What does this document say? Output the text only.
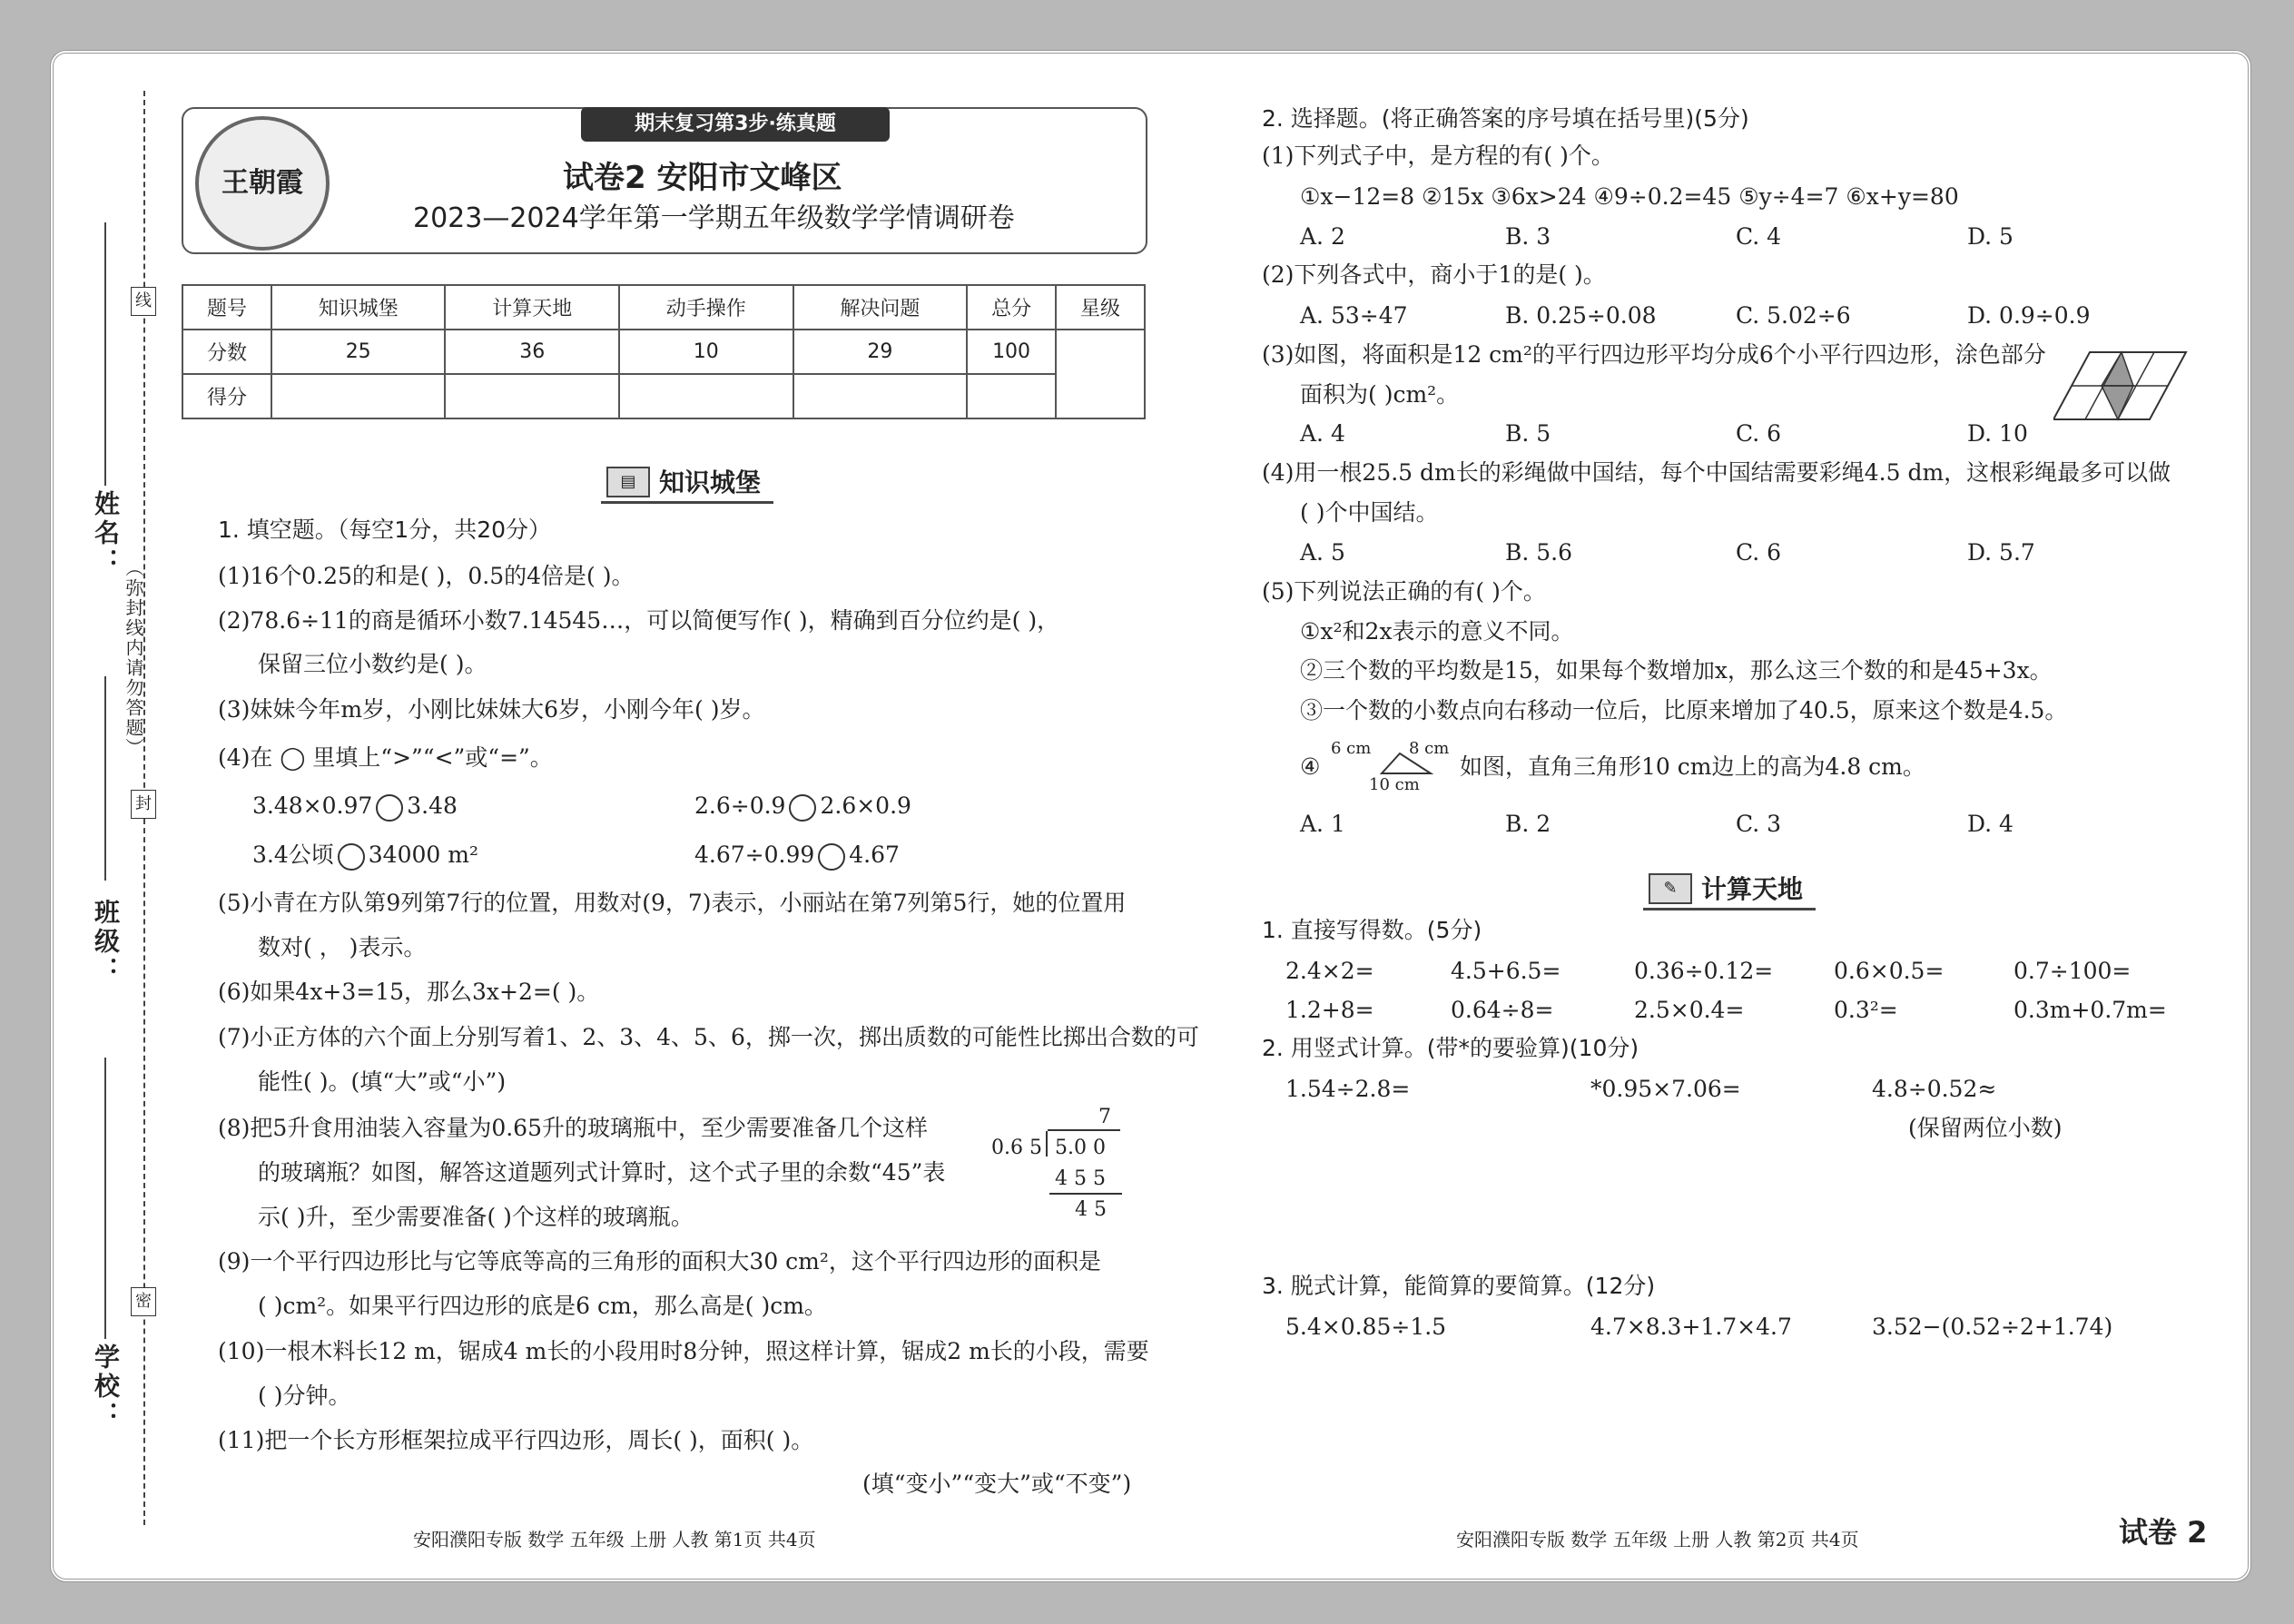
线
封
密
姓名：
班级：
学校：
（弥封线内请勿答题）
王朝霞
期末复习第3步·练真题
试卷2 安阳市文峰区
2023—2024学年第一学期五年级数学学情调研卷
题号	知识城堡	计算天地	动手操作	解决问题	总分	星级
分数	25	36	10	29	100	
得分						
▤ 知识城堡
1. 填空题。（每空1分，共20分）
(1)16个0.25的和是( )，0.5的4倍是( )。
(2)78.6÷11的商是循环小数7.14545…，可以简便写作( )，精确到百分位约是( )，
保留三位小数约是( )。
(3)妹妹今年m岁，小刚比妹妹大6岁，小刚今年( )岁。
(4)在 ◯ 里填上“>”“<”或“=”。
3.48×0.97 3.48	2.6÷0.9 2.6×0.9
3.4公顷 34000 m²	4.67÷0.99 4.67
(5)小青在方队第9列第7行的位置，用数对(9，7)表示，小丽站在第7列第5行，她的位置用
数对( ， )表示。
(6)如果4x+3=15，那么3x+2=( )。
(7)小正方体的六个面上分别写着1、2、3、4、5、6，掷一次，掷出质数的可能性比掷出合数的可
能性( )。(填“大”或“小”)
(8)把5升食用油装入容量为0.65升的玻璃瓶中，至少需要准备几个这样
的玻璃瓶？如图，解答这道题列式计算时，这个式子里的余数“45”表
示( )升，至少需要准备( )个这样的玻璃瓶。
7
0.6 5 5.0 0
4 5 5
4 5
(9)一个平行四边形比与它等底等高的三角形的面积大30 cm²，这个平行四边形的面积是
( )cm²。如果平行四边形的底是6 cm，那么高是( )cm。
(10)一根木料长12 m，锯成4 m长的小段用时8分钟，照这样计算，锯成2 m长的小段，需要
( )分钟。
(11)把一个长方形框架拉成平行四边形，周长( )，面积( )。
(填“变小”“变大”或“不变”)
安阳濮阳专版 数学 五年级 上册 人教 第1页 共4页
2. 选择题。(将正确答案的序号填在括号里)(5分)
(1)下列式子中，是方程的有( )个。
①x−12=8 ②15x ③6x>24 ④9÷0.2=45 ⑤y÷4=7 ⑥x+y=80
A. 2	B. 3	C. 4	D. 5
(2)下列各式中，商小于1的是( )。
A. 53÷47	B. 0.25÷0.08	C. 5.02÷6	D. 0.9÷0.9
(3)如图，将面积是12 cm²的平行四边形平均分成6个小平行四边形，涂色部分
面积为( )cm²。
A. 4	B. 5	C. 6	D. 10
(4)用一根25.5 dm长的彩绳做中国结，每个中国结需要彩绳4.5 dm，这根彩绳最多可以做
( )个中国结。
A. 5	B. 5.6	C. 6	D. 5.7
(5)下列说法正确的有( )个。
①x²和2x表示的意义不同。
②三个数的平均数是15，如果每个数增加x，那么这三个数的和是45+3x。
③一个数的小数点向右移动一位后，比原来增加了40.5，原来这个数是4.5。
④
6 cm 8 cm
10 cm
如图，直角三角形10 cm边上的高为4.8 cm。
A. 1	B. 2	C. 3	D. 4
✎ 计算天地
1. 直接写得数。(5分)
2.4×2=	4.5+6.5=	0.36÷0.12=	0.6×0.5=	0.7÷100=
1.2+8=	0.64÷8=	2.5×0.4=	0.3²=	0.3m+0.7m=
2. 用竖式计算。(带*的要验算)(10分)
1.54÷2.8=	*0.95×7.06=	4.8÷0.52≈
(保留两位小数)
3. 脱式计算，能简算的要简算。(12分)
5.4×0.85÷1.5	4.7×8.3+1.7×4.7	3.52−(0.52÷2+1.74)
安阳濮阳专版 数学 五年级 上册 人教 第2页 共4页	试卷 2
